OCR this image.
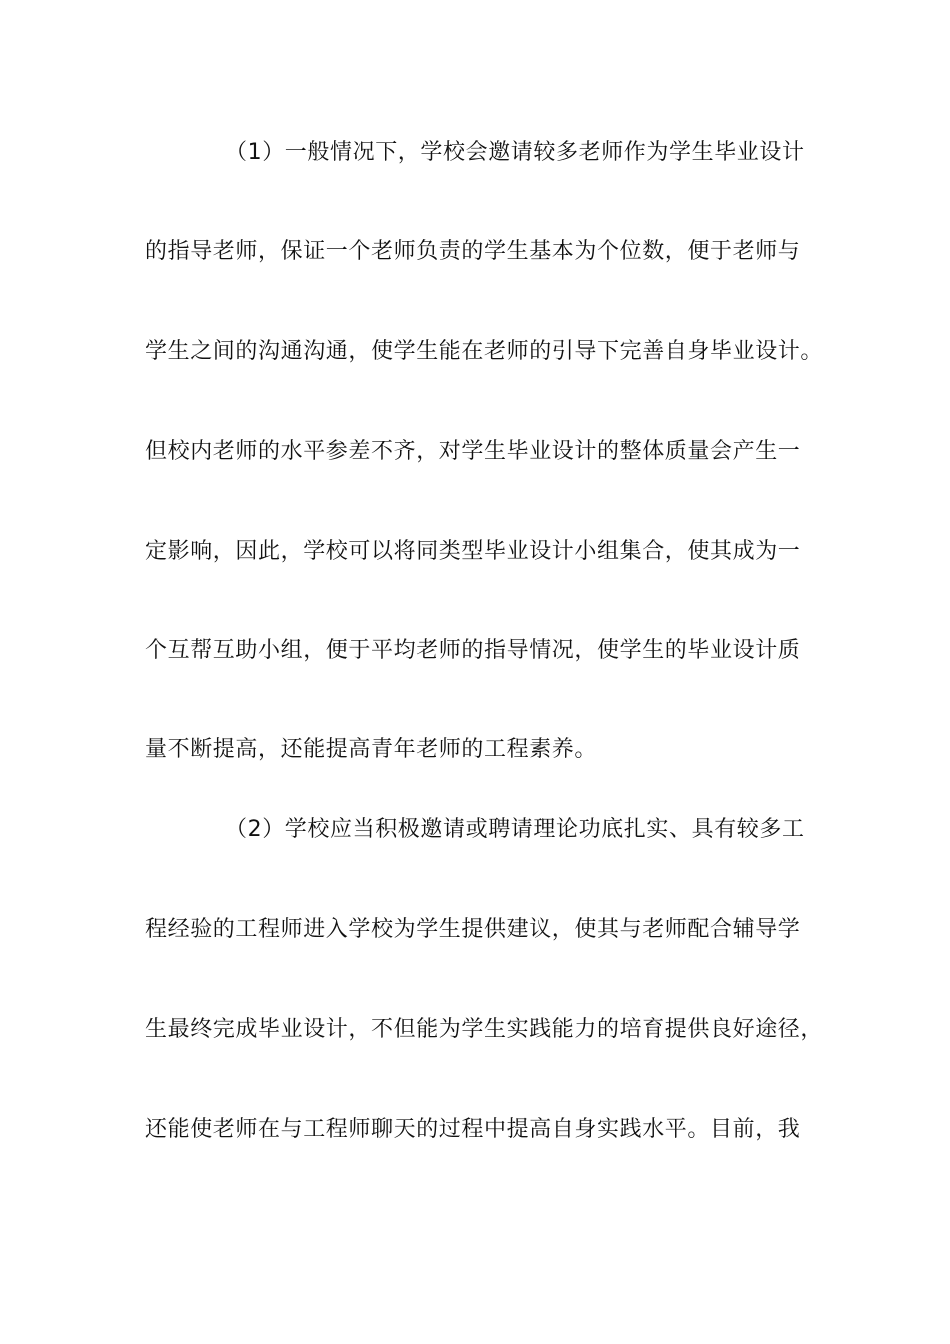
（1）一般情况下，学校会邀请较多老师作为学生毕业设计
的指导老师，保证一个老师负责的学生基本为个位数，便于老师与
学生之间的沟通沟通，使学生能在老师的引导下完善自身毕业设计。
但校内老师的水平参差不齐，对学生毕业设计的整体质量会产生一
定影响，因此，学校可以将同类型毕业设计小组集合，使其成为一
个互帮互助小组，便于平均老师的指导情况，使学生的毕业设计质
量不断提高，还能提高青年老师的工程素养。
（2）学校应当积极邀请或聘请理论功底扎实、具有较多工
程经验的工程师进入学校为学生提供建议，使其与老师配合辅导学
生最终完成毕业设计，不但能为学生实践能力的培育提供良好途径，
还能使老师在与工程师聊天的过程中提高自身实践水平。目前，我
